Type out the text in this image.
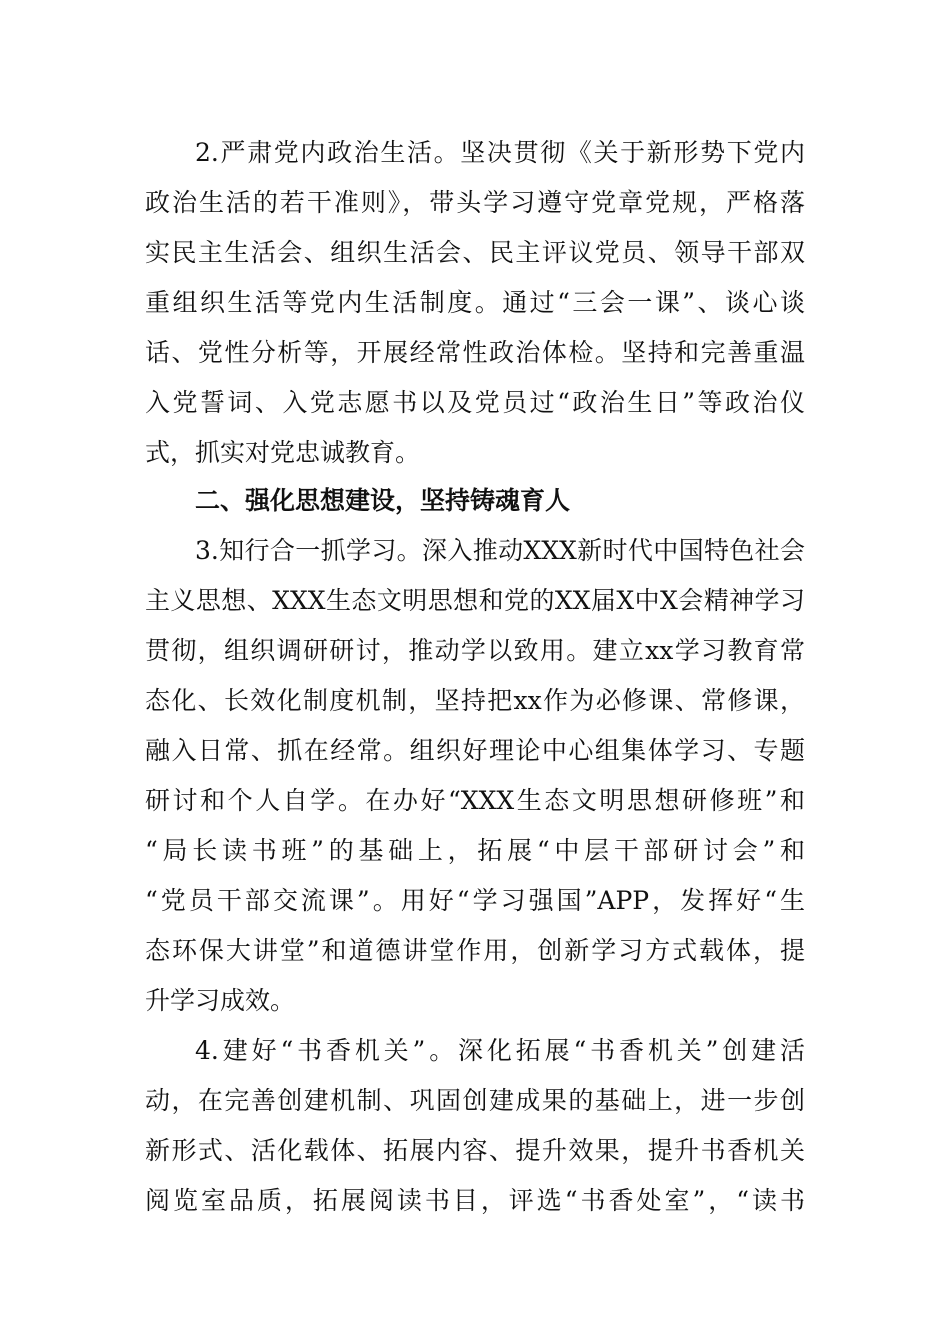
2.严肃党内政治生活。坚决贯彻《关于新形势下党内
政治生活的若干准则》，带头学习遵守党章党规，严格落
实民主生活会、组织生活会、民主评议党员、领导干部双
重组织生活等党内生活制度。通过“三会一课”、谈心谈
话、党性分析等，开展经常性政治体检。坚持和完善重温
入党誓词、入党志愿书以及党员过“政治生日”等政治仪
式，抓实对党忠诚教育。
二、强化思想建设，坚持铸魂育人
3.知行合一抓学习。深入推动XXX新时代中国特色社会
主义思想、XXX生态文明思想和党的XX届X中X会精神学习
贯彻，组织调研研讨，推动学以致用。建立xx学习教育常
态化、长效化制度机制，坚持把xx作为必修课、常修课，
融入日常、抓在经常。组织好理论中心组集体学习、专题
研讨和个人自学。在办好“XXX生态文明思想研修班”和
“局长读书班”的基础上，拓展“中层干部研讨会”和
“党员干部交流课”。用好“学习强国”APP，发挥好“生
态环保大讲堂”和道德讲堂作用，创新学习方式载体，提
升学习成效。
4.建好“书香机关”。深化拓展“书香机关”创建活
动，在完善创建机制、巩固创建成果的基础上，进一步创
新形式、活化载体、拓展内容、提升效果，提升书香机关
阅览室品质，拓展阅读书目，评选“书香处室”，“读书
